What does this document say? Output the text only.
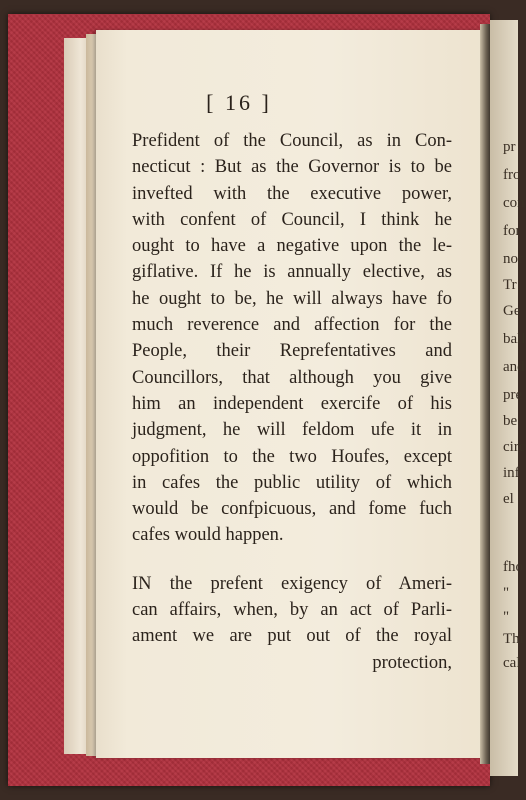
pr
fro
con
for
nor
Tr
Ge
ball
and
pre
be
circ
inf
el
fho
"
"
Thi
cal
[ 16 ]
Prefident of the Council, as in Con-
necticut : But as the Governor is to be
invefted with the executive power,
with confent of Council, I think he
ought to have a negative upon the le-
giflative. If he is annually elective, as
he ought to be, he will always have fo
much reverence and affection for the
People, their Reprefentatives and
Councillors, that although you give
him an independent exercife of his
judgment, he will feldom ufe it in
oppofition to the two Houfes, except
in cafes the public utility of which
would be confpicuous, and fome fuch
cafes would happen.
IN the prefent exigency of Ameri-
can affairs, when, by an act of Parli-
ament we are put out of the royal
protection,
